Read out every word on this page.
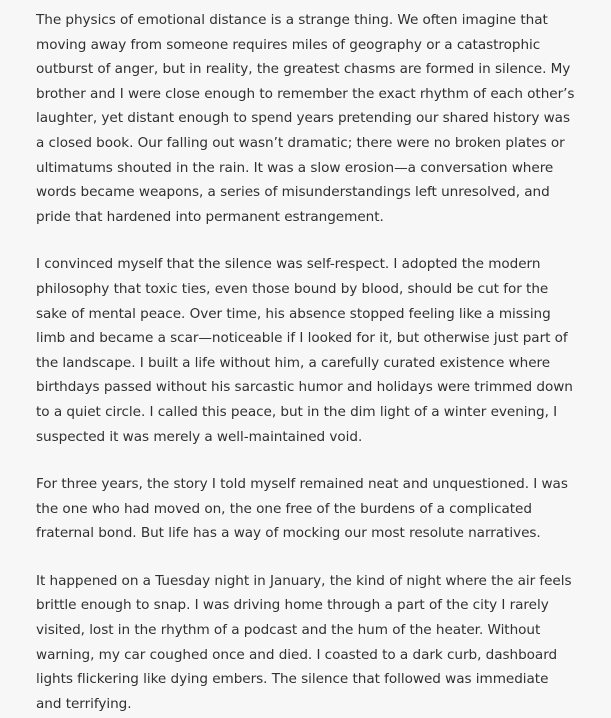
The physics of emotional distance is a strange thing. We often imagine that moving away from someone requires miles of geography or a catastrophic outburst of anger, but in reality, the greatest chasms are formed in silence. My brother and I were close enough to remember the exact rhythm of each other’s laughter, yet distant enough to spend years pretending our shared history was a closed book. Our falling out wasn’t dramatic; there were no broken plates or ultimatums shouted in the rain. It was a slow erosion—a conversation where words became weapons, a series of misunderstandings left unresolved, and pride that hardened into permanent estrangement.

I convinced myself that the silence was self-respect. I adopted the modern philosophy that toxic ties, even those bound by blood, should be cut for the sake of mental peace. Over time, his absence stopped feeling like a missing limb and became a scar—noticeable if I looked for it, but otherwise just part of the landscape. I built a life without him, a carefully curated existence where birthdays passed without his sarcastic humor and holidays were trimmed down to a quiet circle. I called this peace, but in the dim light of a winter evening, I suspected it was merely a well-maintained void.

For three years, the story I told myself remained neat and unquestioned. I was the one who had moved on, the one free of the burdens of a complicated fraternal bond. But life has a way of mocking our most resolute narratives.

It happened on a Tuesday night in January, the kind of night where the air feels brittle enough to snap. I was driving home through a part of the city I rarely visited, lost in the rhythm of a podcast and the hum of the heater. Without warning, my car coughed once and died. I coasted to a dark curb, dashboard lights flickering like dying embers. The silence that followed was immediate and terrifying.
